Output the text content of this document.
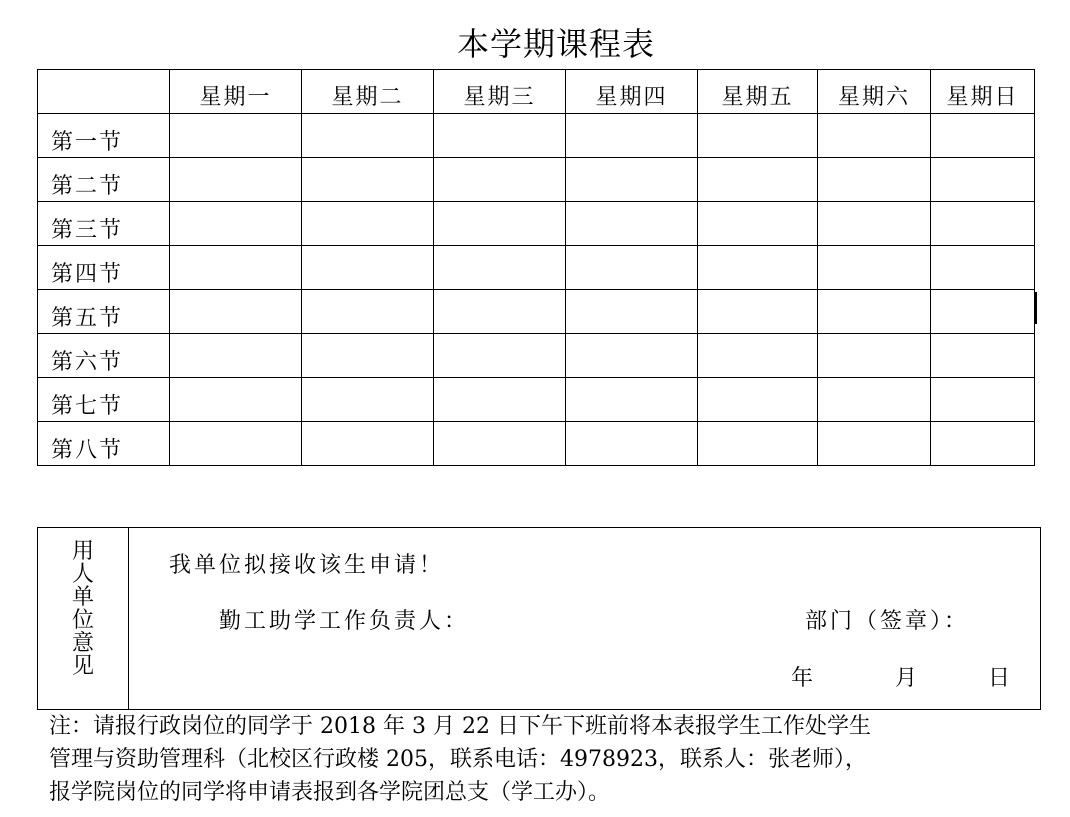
本学期课程表
	星期一	星期二	星期三	星期四	星期五	星期六	星期日
第一节							
第二节							
第三节							
第四节							
第五节							
第六节							
第七节							
第八节							
用
人
单
位
意
见
我单位拟接收该生申请！
勤工助学工作负责人：	部门（签章）：
年	月	日
注：请报行政岗位的同学于 2018 年 3 月 22 日下午下班前将本表报学生工作处学生
管理与资助管理科（北校区行政楼 205，联系电话：4978923，联系人：张老师），
报学院岗位的同学将申请表报到各学院团总支（学工办）。
